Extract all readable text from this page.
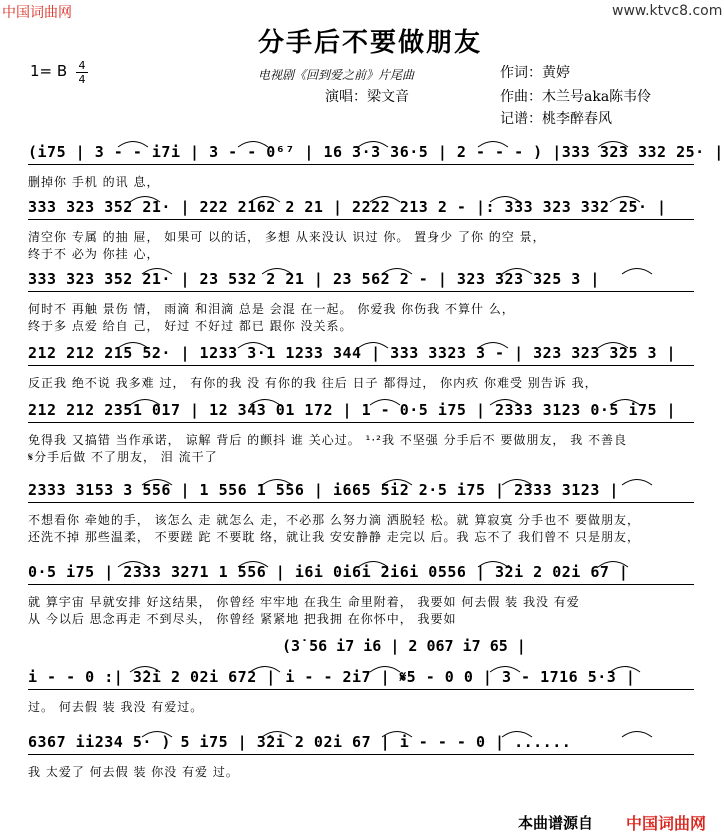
中国词曲网	www.ktvc8.com
分手后不要做朋友
1= B 4
4	电视剧《回到爱之前》片尾曲	作词：黄婷
演唱：梁文音	作曲：木兰号aka陈韦伶
记谱：桃李醉春风
(i75 | 3 - - i7i | 3 - - 0⁶⁷ | 16 3·3 36·5 | 2 - - - ) |333 323 332 25· |
删掉你 手机 的讯 息，
333 323 352 21· | 222 2162 2 21 | 2222 213 2 - |: 333 323 332 25· |
清空你 专属 的抽 屉， 如果可 以的话， 多想 从来没认 识过 你。 置身少 了你 的空 景，
终于不 必为 你挂 心，
333 323 352 21· | 23 532 2 21 | 23 562 2 - | 323 323 325 3 |
何时不 再触 景伤 情， 雨滴 和泪滴 总是 会混 在一起。 你爱我 你伤我 不算什 么，
终于多 点爱 给自 己， 好过 不好过 都已 跟你 没关系。
212 212 215 52· | 1233 3·1 1233 344 | 333 3323 3 - | 323 323 325 3 |
反正我 绝不说 我多难 过， 有你的我 没 有你的我 往后 日子 都得过， 你内疚 你难受 别告诉 我，
212 212 2351 017 | 12 343 01 172 | 1 - 0·5 i75 | 2333 3123 0·5 i75 |
免得我 又搞错 当作承诺， 谅解 背后 的颤抖 谁 关心过。 ¹·²我 不坚强 分手后不 要做朋友， 我 不善良
𝄋分手后做 不了朋友， 泪 流干了
2333 3153 3 556 | 1 556 1 556 | i665 5i2 2·5 i75 | 2333 3123 |
不想看你 牵她的手， 该怎么 走 就怎么 走，不必那 么努力滴 洒脱轻 松。就 算寂寞 分手也不 要做朋友，
还洗不掉 那些温柔， 不要蹉 跎 不要耽 络，就让我 安安静静 走完以 后。我 忘不了 我们曾不 只是朋友，
0·5 i75 | 2333 3271 1 556 | i6i 0i6i 2i6i 0556 | 3̇2i 2 02i 67 |
就 算宇宙 早就安排 好这结果， 你曾经 牢牢地 在我生 命里附着， 我要如 何去假 装 我没 有爱
从 今以后 思念再走 不到尽头， 你曾经 紧紧地 把我拥 在你怀中， 我要如
i - - 0 :| 3̇2i 2 02i 672 | i - - 2i7 | 𝄋5 - 0 0 | 3 - 1716 5·3 |
过。 何去假 装 我没 有爱过。
6367 ii234 5· ) 5 i75 | 3̇2i 2 02i 67 | i - - - 0 | ......
我 太爱了 何去假 装 你没 有爱 过。
(3̇ 56 i7 i6 | 2 067 i7 65 |
本曲谱源自 中国词曲网
